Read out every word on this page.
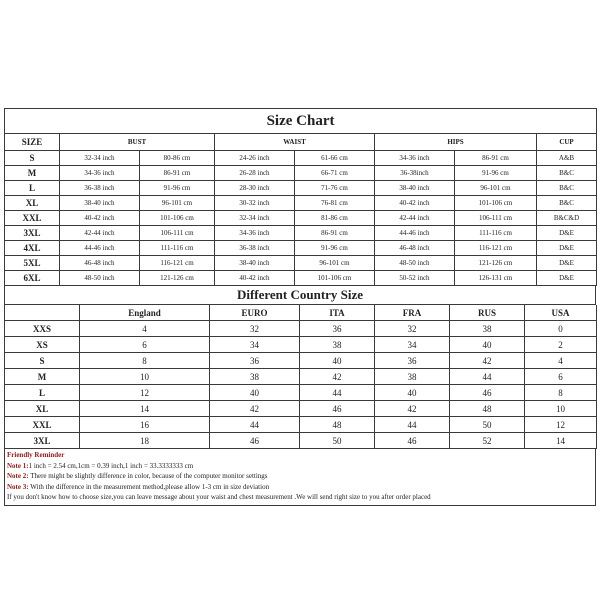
Size Chart							
SIZE	BUST		WAIST		HIPS		CUP
S	32-34 inch	80-86 cm	24-26 inch	61-66 cm	34-36 inch	86-91 cm	A&B
M	34-36 inch	86-91 cm	26-28 inch	66-71 cm	36-38inch	91-96 cm	B&C
L	36-38 inch	91-96 cm	28-30 inch	71-76 cm	38-40 inch	96-101 cm	B&C
XL	38-40 inch	96-101 cm	30-32 inch	76-81 cm	40-42 inch	101-106 cm	B&C
XXL	40-42 inch	101-106 cm	32-34 inch	81-86 cm	42-44 inch	106-111 cm	B&C&D
3XL	42-44 inch	106-111 cm	34-36 inch	86-91 cm	44-46 inch	111-116 cm	D&E
4XL	44-46 inch	111-116 cm	36-38 inch	91-96 cm	46-48 inch	116-121 cm	D&E
5XL	46-48 inch	116-121 cm	38-40 inch	96-101 cm	48-50 inch	121-126 cm	D&E
6XL	48-50 inch	121-126 cm	40-42 inch	101-106 cm	50-52 inch	126-131 cm	D&E
Different Country Size
	England	EURO	ITA	FRA	RUS	USA
XXS	4	32	36	32	38	0
XS	6	34	38	34	40	2
S	8	36	40	36	42	4
M	10	38	42	38	44	6
L	12	40	44	40	46	8
XL	14	42	46	42	48	10
XXL	16	44	48	44	50	12
3XL	18	46	50	46	52	14
Friendly Reminder
Note 1:1 inch = 2.54 cm,1cm = 0.39 inch,1 inch = 33.3333333 cm
Note 2: There might be slightly difference in color, because of the computer monitor settings
Note 3: With the difference in the measurement method,please allow 1-3 cm in size deviation
If you don't know how to choose size,you can leave message about your waist and chest measurement .We will send right size to you after order placed
